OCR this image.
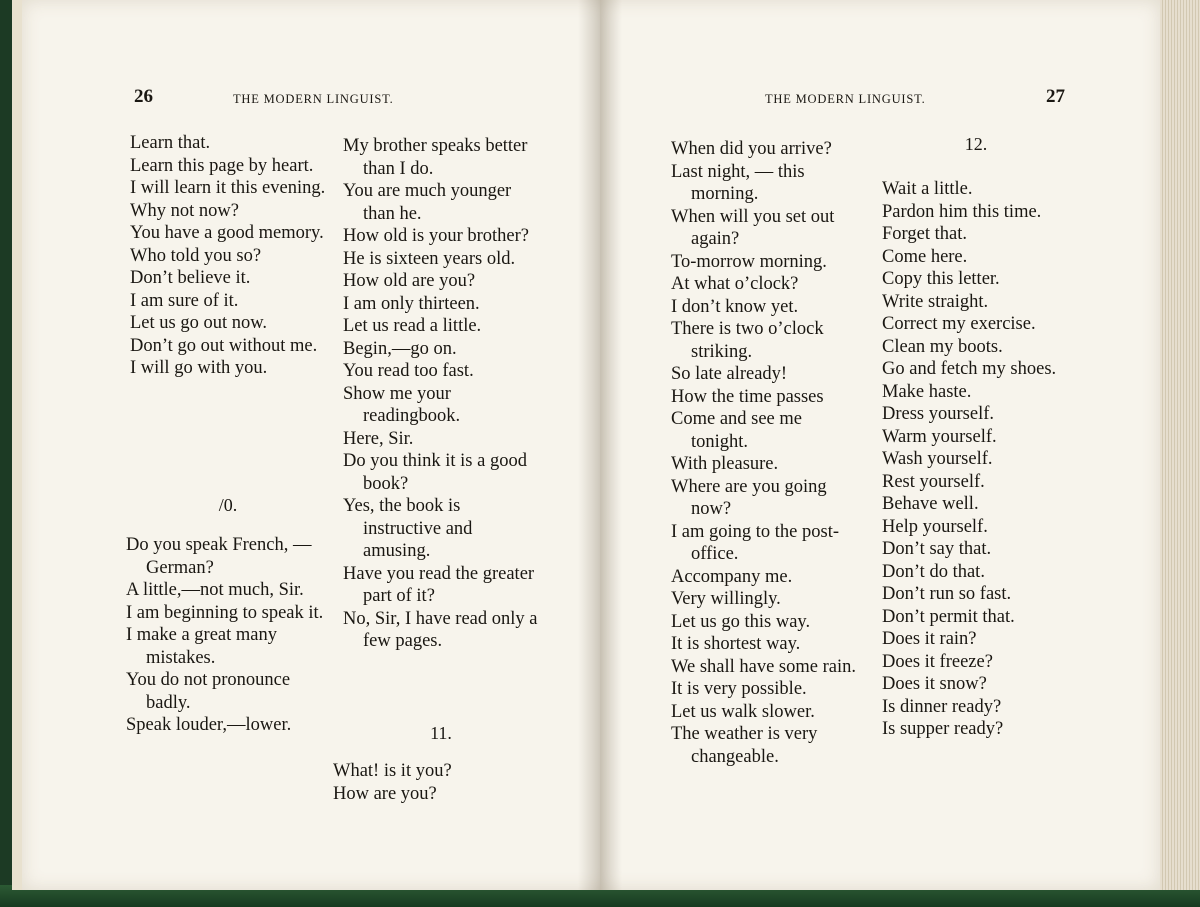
26	THE MODERN LINGUIST.

Learn that.

Learn this page by heart.

I will learn it this evening.

Why not now?

You have a good memory.

Who told you so?

Don’t believe it.

I am sure of it.

Let us go out now.

Don’t go out without me.

I will go with you.

/0.

Do you speak French, —German?

A little,—not much, Sir.

I am beginning to speak it.

I make a great many mistakes.

You do not pronounce badly.

Speak louder,—lower.

My brother speaks better than I do.

You are much younger than he.

How old is your brother?

He is sixteen years old.

How old are you?

I am only thirteen.

Let us read a little.

Begin,—go on.

You read too fast.

Show me your readingbook.

Here, Sir.

Do you think it is a good book?

Yes, the book is instructive and amusing.

Have you read the greater part of it?

No, Sir, I have read only a few pages.

11.

What! is it you?

How are you?

THE MODERN LINGUIST.	27

When did you arrive?

Last night, — this morning.

When will you set out again?

To-morrow morning.

At what o’clock?

I don’t know yet.

There is two o’clock striking.

So late already!

How the time passes

Come and see me tonight.

With pleasure.

Where are you going now?

I am going to the post-office.

Accompany me.

Very willingly.

Let us go this way.

It is shortest way.

We shall have some rain.

It is very possible.

Let us walk slower.

The weather is very changeable.

12.

Wait a little.

Pardon him this time.

Forget that.

Come here.

Copy this letter.

Write straight.

Correct my exercise.

Clean my boots.

Go and fetch my shoes.

Make haste.

Dress yourself.

Warm yourself.

Wash yourself.

Rest yourself.

Behave well.

Help yourself.

Don’t say that.

Don’t do that.

Don’t run so fast.

Don’t permit that.

Does it rain?

Does it freeze?

Does it snow?

Is dinner ready?

Is supper ready?
